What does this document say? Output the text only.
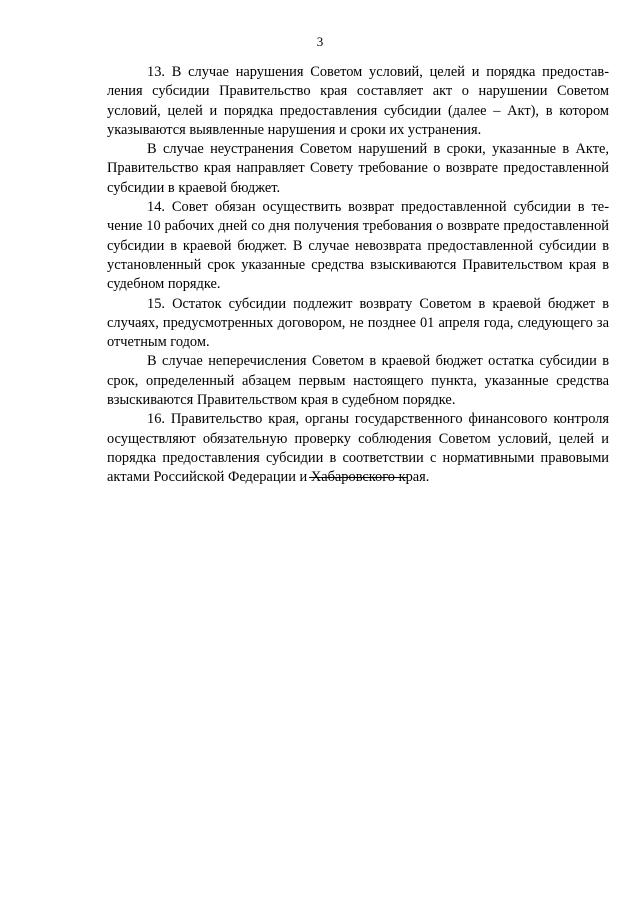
3

13. В случае нарушения Советом условий, целей и порядка предоставления субсидии Правительство края составляет акт о нарушении Советом условий, целей и порядка предоставления субсидии (далее – Акт), в котором указываются выявленные нарушения и сроки их устранения.

В случае неустранения Советом нарушений в сроки, указанные в Акте, Правительство края направляет Совету требование о возврате предоставленной субсидии в краевой бюджет.

14. Совет обязан осуществить возврат предоставленной субсидии в течение 10 рабочих дней со дня получения требования о возврате предоставленной субсидии в краевой бюджет. В случае невозврата предоставленной субсидии в установленный срок указанные средства взыскиваются Правительством края в судебном порядке.

15. Остаток субсидии подлежит возврату Советом в краевой бюджет в случаях, предусмотренных договором, не позднее 01 апреля года, следующего за отчетным годом.

В случае неперечисления Советом в краевой бюджет остатка субсидии в срок, определенный абзацем первым настоящего пункта, указанные средства взыскиваются Правительством края в судебном порядке.

16. Правительство края, органы государственного финансового контроля осуществляют обязательную проверку соблюдения Советом условий, целей и порядка предоставления субсидии в соответствии с нормативными правовыми актами Российской Федерации и Хабаровского края.
